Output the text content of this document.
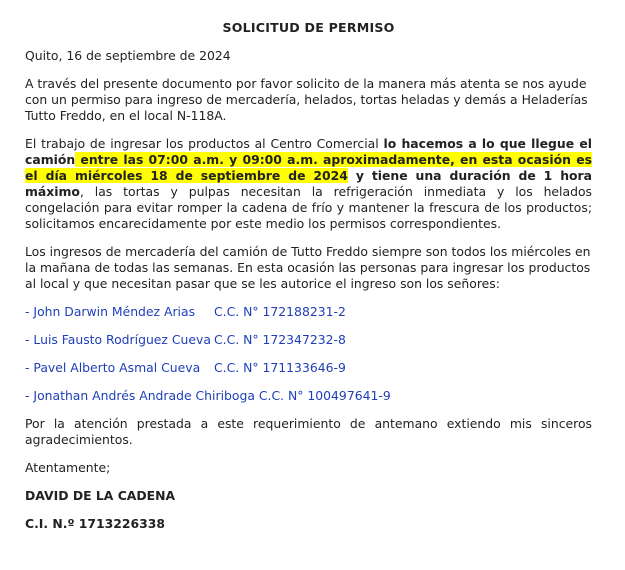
SOLICITUD DE PERMISO

Quito, 16 de septiembre de 2024

A través del presente documento por favor solicito de la manera más atenta se nos ayude con un permiso para ingreso de mercadería, helados, tortas heladas y demás a Heladerías Tutto Freddo, en el local N-118A.

El trabajo de ingresar los productos al Centro Comercial lo hacemos a lo que llegue el camión entre las 07:00 a.m. y 09:00 a.m. aproximadamente, en esta ocasión es el día miércoles 18 de septiembre de 2024 y tiene una duración de 1 hora máximo, las tortas y pulpas necesitan la refrigeración inmediata y los helados congelación para evitar romper la cadena de frío y mantener la frescura de los productos; solicitamos encarecidamente por este medio los permisos correspondientes.

Los ingresos de mercadería del camión de Tutto Freddo siempre son todos los miércoles en la mañana de todas las semanas. En esta ocasión las personas para ingresar los productos al local y que necesitan pasar que se les autorice el ingreso son los señores:

- John Darwin Méndez Arias C.C. N° 172188231-2

- Luis Fausto Rodríguez Cueva C.C. N° 172347232-8

- Pavel Alberto Asmal Cueva C.C. N° 171133646-9

- Jonathan Andrés Andrade Chiriboga C.C. N° 100497641-9

Por la atención prestada a este requerimiento de antemano extiendo mis sinceros agradecimientos.

Atentamente;

DAVID DE LA CADENA

C.I. N.º 1713226338
